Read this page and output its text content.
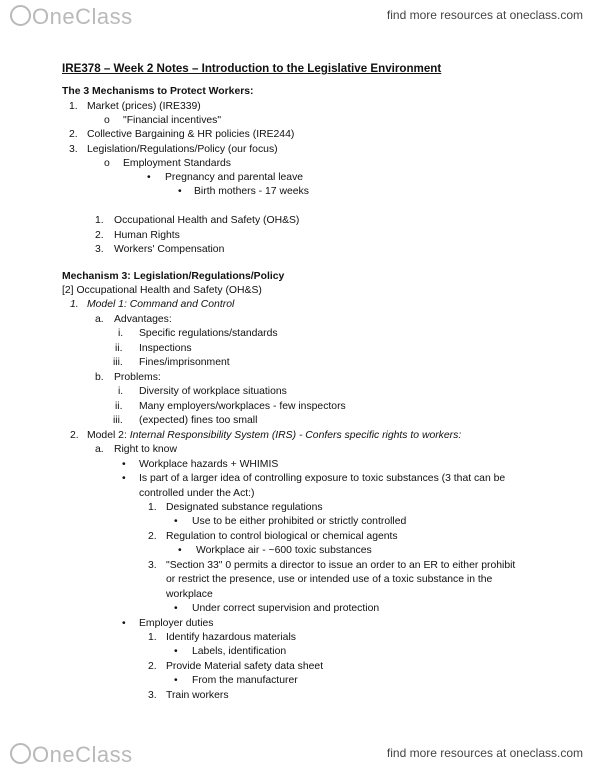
OneClass	find more resources at oneclass.com
IRE378 – Week 2 Notes – Introduction to the Legislative Environment
The 3 Mechanisms to Protect Workers:
1. Market (prices) (IRE339)
o "Financial incentives"
2. Collective Bargaining & HR policies (IRE244)
3. Legislation/Regulations/Policy (our focus)
o Employment Standards
• Pregnancy and parental leave
• Birth mothers - 17 weeks
1. Occupational Health and Safety (OH&S)
2. Human Rights
3. Workers' Compensation
Mechanism 3: Legislation/Regulations/Policy
[2] Occupational Health and Safety (OH&S)
1. Model 1: Command and Control
a. Advantages:
i. Specific regulations/standards
ii. Inspections
iii. Fines/imprisonment
b. Problems:
i. Diversity of workplace situations
ii. Many employers/workplaces - few inspectors
iii. (expected) fines too small
2. Model 2: Internal Responsibility System (IRS) - Confers specific rights to workers:
a. Right to know
• Workplace hazards + WHIMIS
• Is part of a larger idea of controlling exposure to toxic substances (3 that can be
controlled under the Act:)
1. Designated substance regulations
• Use to be either prohibited or strictly controlled
2. Regulation to control biological or chemical agents
• Workplace air - ~600 toxic substances
3. "Section 33" 0 permits a director to issue an order to an ER to either prohibit
or restrict the presence, use or intended use of a toxic substance in the
workplace
• Under correct supervision and protection
• Employer duties
1. Identify hazardous materials
• Labels, identification
2. Provide Material safety data sheet
• From the manufacturer
3. Train workers
OneClass	find more resources at oneclass.com
